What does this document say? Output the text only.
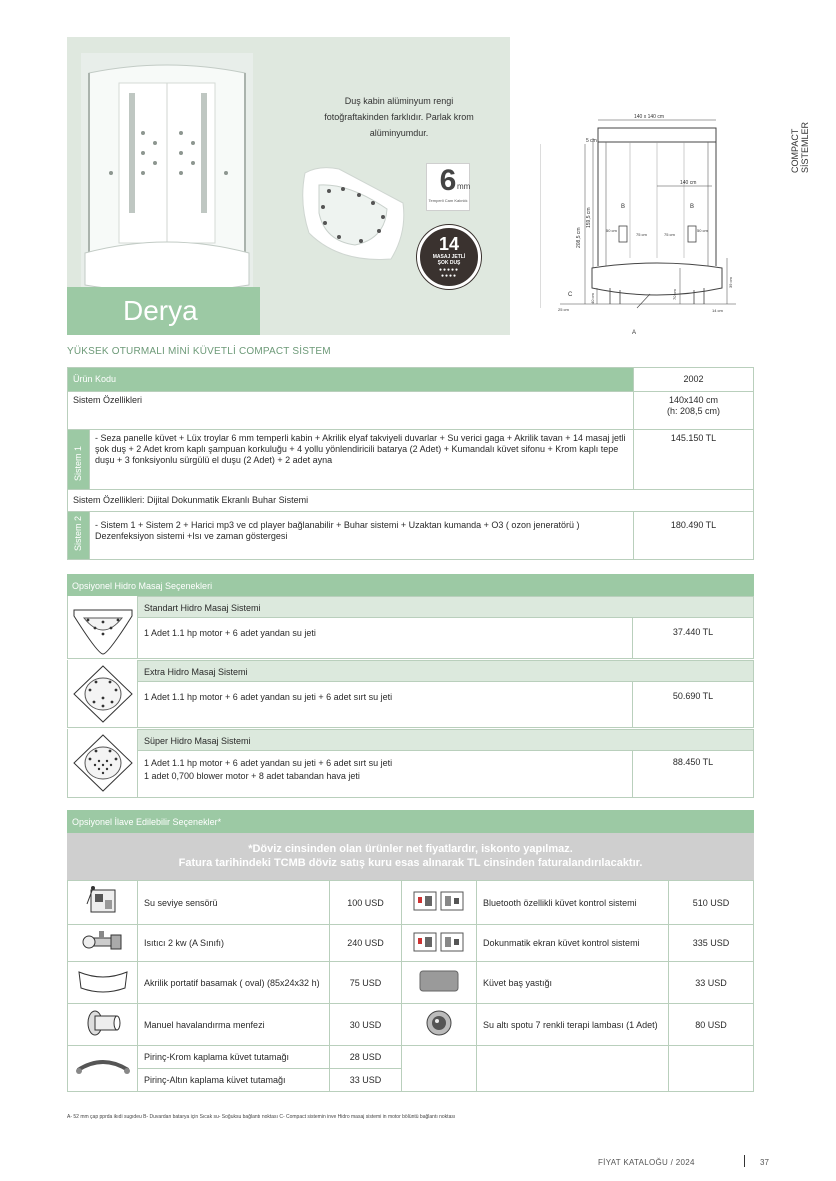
COMPACT
SİSTEMLER
Duş kabin alüminyum rengi fotoğraftakinden farklıdır. Parlak krom alüminyumdur.
6 mm
Temperli Cam Kalınlık
14
MASAJ JETLİ
ŞOK DUŞ
●●●●●
●●●●
Derya
140 x 140 cm
5 cm
140 cm
208,5 cm
159,5 cm
B	B
75 cm	75 cm
50 cm	50 cm
C	40 cm	70 cm
39 cm
25 cm	14 cm
A
YÜKSEK OTURMALI MİNİ KÜVETLİ COMPACT SİSTEM
Ürün Kodu		2002
Sistem Özellikleri		140x140 cm
(h: 208,5 cm)

Sistem 1	- Seza panelle küvet + Lüx troylar 6 mm temperli kabin + Akrilik elyaf takviyeli duvarlar + Su verici gaga + Akrilik tavan + 14 masaj jetli şok duş + 2 Adet krom kaplı şampuan korkuluğu + 4 yollu yönlendiricili batarya (2 Adet) + Kumandalı küvet sifonu + Krom kaplı tepe duşu + 3 fonksiyonlu sürgülü el duşu (2 Adet) + 2 adet ayna	145.150 TL
Sistem Özellikleri: Dijital Dokunmatik Ekranlı Buhar Sistemi		

Sistem 2	- Sistem 1 + Sistem 2 + Harici mp3 ve cd player bağlanabilir + Buhar sistemi + Uzaktan kumanda + O3 ( ozon jeneratörü ) Dezenfeksiyon sistemi +Isı ve zaman göstergesi	180.490 TL
Opsiyonel Hidro Masaj Seçenekleri
Standart Hidro Masaj Sistemi
1 Adet 1.1 hp motor + 6 adet yandan su jeti	37.440 TL
Extra Hidro Masaj Sistemi
1 Adet 1.1 hp motor + 6 adet yandan su jeti + 6 adet sırt su jeti	50.690 TL
Süper Hidro Masaj Sistemi
1 Adet 1.1 hp motor + 6 adet yandan su jeti + 6 adet sırt su jeti
1 adet 0,700 blower motor + 8 adet tabandan hava jeti
88.450 TL
Opsiyonel İlave Edilebilir Seçenekler*
*Döviz cinsinden olan ürünler net fiyatlardır, iskonto yapılmaz.
Fatura tarihindeki TCMB döviz satış kuru esas alınarak TL cinsinden faturalandırılacaktır.
	Su seviye sensörü	100 USD		Bluetooth özellikli küvet kontrol sistemi	510 USD
	Isıtıcı 2 kw (A Sınıfı)	240 USD		Dokunmatik ekran küvet kontrol sistemi	335 USD
	Akrilik portatif basamak ( oval) (85x24x32 h)	75 USD		Küvet baş yastığı	33 USD
	Manuel havalandırma menfezi	30 USD		Su altı spotu 7 renkli terapi lambası (1 Adet)	80 USD
	Pirinç-Krom kaplama küvet tutamağı	28 USD			
	Pirinç-Altın kaplama küvet tutamağı	33 USD			
A- 52 mm çap pprda ikıdi sugıdeu B- Duvardan batarya için Sıcak su- Soğuksu bağlantı noktası C- Compact sistemin inve Hidro masaj sistemi in motor bölüntü bağlantı noktası
FİYAT KATALOĞU / 2024	37
